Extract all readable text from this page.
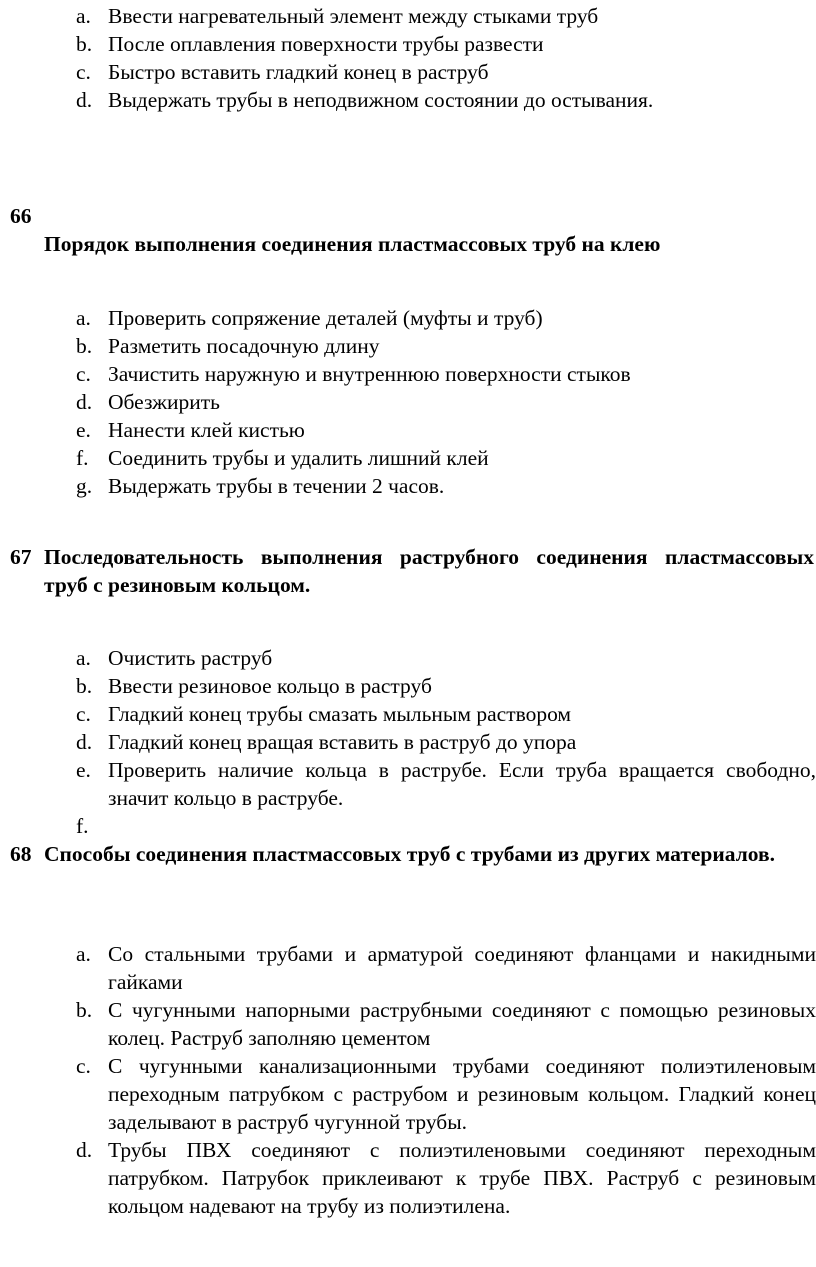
a. Ввести нагревательный элемент между стыками труб
b. После оплавления поверхности трубы развести
c. Быстро вставить гладкий конец в раструб
d. Выдержать трубы в неподвижном состоянии до остывания.
66
Порядок выполнения соединения пластмассовых труб на клею
a. Проверить сопряжение деталей (муфты и труб)
b. Разметить посадочную длину
c. Зачистить наружную и внутреннюю поверхности стыков
d. Обезжирить
e. Нанести клей кистью
f. Соединить трубы и удалить лишний клей
g. Выдержать трубы в течении 2 часов.
67 Последовательность выполнения раструбного соединения пластмассовых труб с резиновым кольцом.
a. Очистить раструб
b. Ввести резиновое кольцо в раструб
c. Гладкий конец трубы смазать мыльным раствором
d. Гладкий конец вращая вставить в раструб до упора
e. Проверить наличие кольца в раструбе. Если труба вращается свободно, значит кольцо в раструбе.
f.
68 Способы соединения пластмассовых труб с трубами из других материалов.
a. Со стальными трубами и арматурой соединяют фланцами и накидными гайками
b. С чугунными напорными раструбными соединяют с помощью резиновых колец. Раструб заполняю цементом
c. С чугунными канализационными трубами соединяют полиэтиленовым переходным патрубком с раструбом и резиновым кольцом. Гладкий конец заделывают в раструб чугунной трубы.
d. Трубы ПВХ соединяют с полиэтиленовыми соединяют переходным патрубком. Патрубок приклеивают к трубе ПВХ. Раструб с резиновым кольцом надевают на трубу из полиэтилена.
